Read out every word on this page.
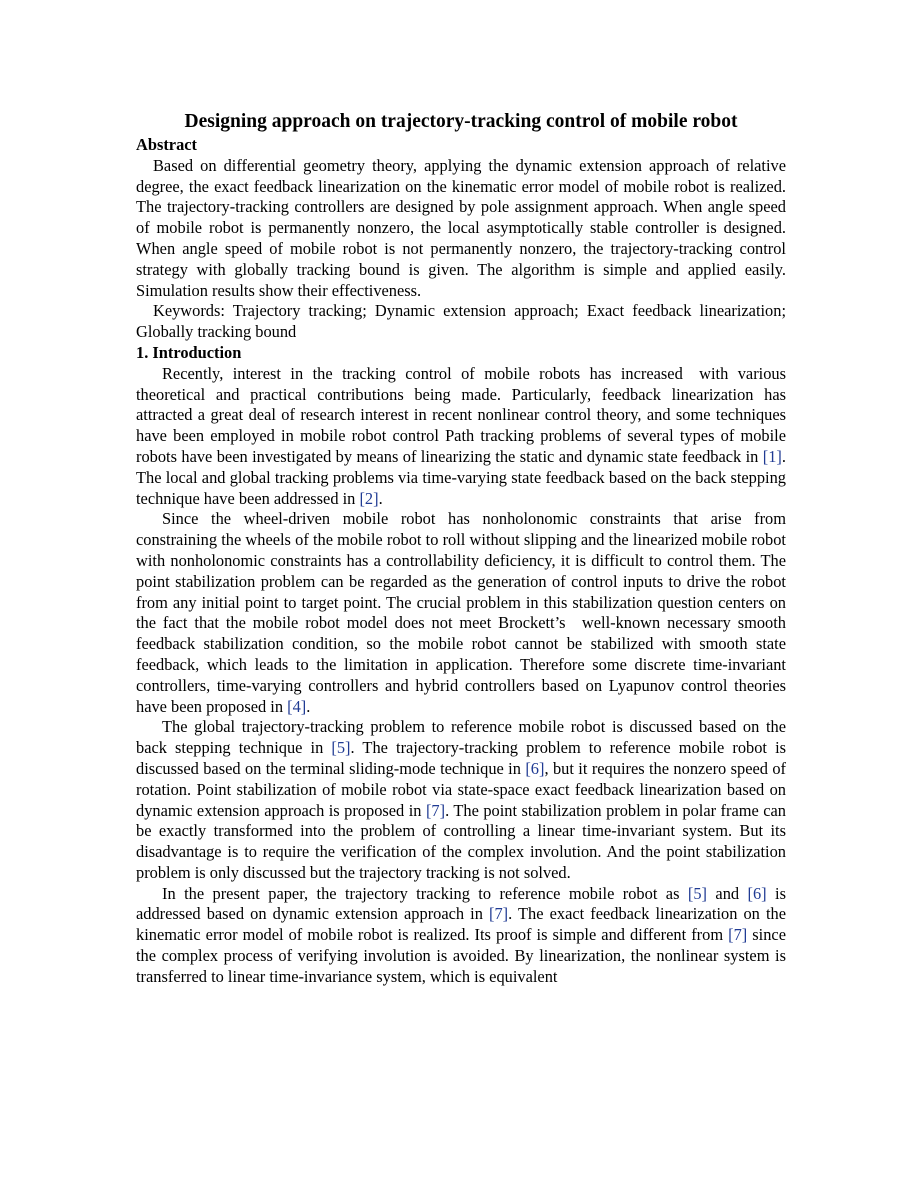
Designing approach on trajectory-tracking control of mobile robot
Abstract

Based on differential geometry theory, applying the dynamic extension approach of relative degree, the exact feedback linearization on the kinematic error model of mobile robot is realized. The trajectory-tracking controllers are designed by pole assignment approach. When angle speed of mobile robot is permanently nonzero, the local asymptotically stable controller is designed. When angle speed of mobile robot is not permanently nonzero, the trajectory-tracking control strategy with globally tracking bound is given. The algorithm is simple and applied easily. Simulation results show their effectiveness.

Keywords: Trajectory tracking; Dynamic extension approach; Exact feedback linearization; Globally tracking bound

1. Introduction

Recently, interest in the tracking control of mobile robots has increased with various theoretical and practical contributions being made. Particularly, feedback linearization has attracted a great deal of research interest in recent nonlinear control theory, and some techniques have been employed in mobile robot control Path tracking problems of several types of mobile robots have been investigated by means of linearizing the static and dynamic state feedback in [1]. The local and global tracking problems via time-varying state feedback based on the back stepping technique have been addressed in [2].

Since the wheel-driven mobile robot has nonholonomic constraints that arise from constraining the wheels of the mobile robot to roll without slipping and the linearized mobile robot with nonholonomic constraints has a controllability deficiency, it is difficult to control them. The point stabilization problem can be regarded as the generation of control inputs to drive the robot from any initial point to target point. The crucial problem in this stabilization question centers on the fact that the mobile robot model does not meet Brockett’s well-known necessary smooth feedback stabilization condition, so the mobile robot cannot be stabilized with smooth state feedback, which leads to the limitation in application. Therefore some discrete time-invariant controllers, time-varying controllers and hybrid controllers based on Lyapunov control theories have been proposed in [4].

The global trajectory-tracking problem to reference mobile robot is discussed based on the back stepping technique in [5]. The trajectory-tracking problem to reference mobile robot is discussed based on the terminal sliding-mode technique in [6], but it requires the nonzero speed of rotation. Point stabilization of mobile robot via state-space exact feedback linearization based on dynamic extension approach is proposed in [7]. The point stabilization problem in polar frame can be exactly transformed into the problem of controlling a linear time-invariant system. But its disadvantage is to require the verification of the complex involution. And the point stabilization problem is only discussed but the trajectory tracking is not solved.

In the present paper, the trajectory tracking to reference mobile robot as [5] and [6] is addressed based on dynamic extension approach in [7]. The exact feedback linearization on the kinematic error model of mobile robot is realized. Its proof is simple and different from [7] since the complex process of verifying involution is avoided. By linearization, the nonlinear system is transferred to linear time-invariance system, which is equivalent
